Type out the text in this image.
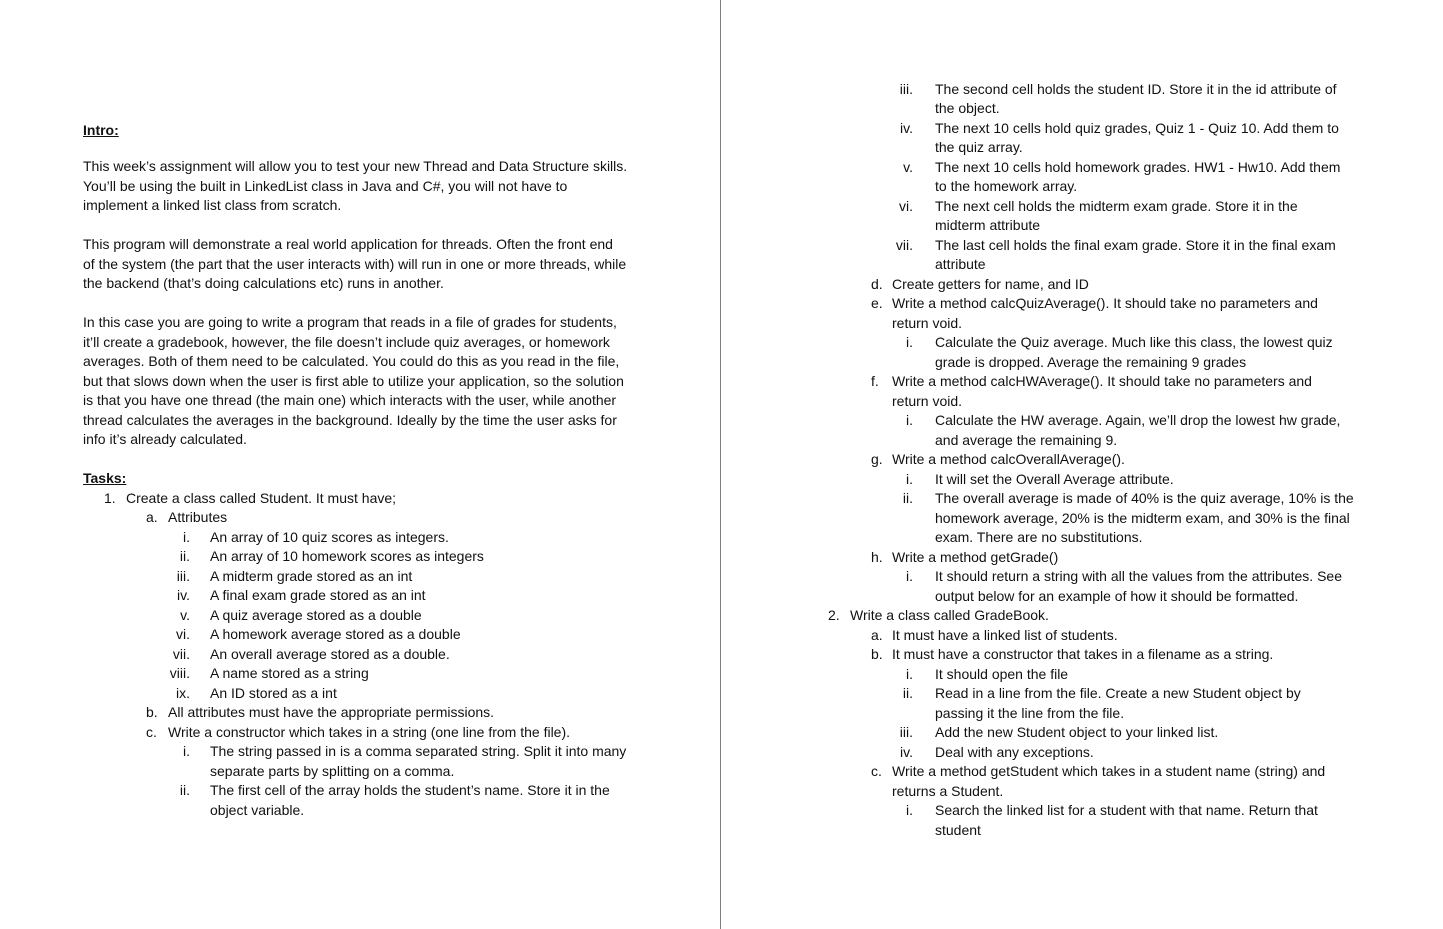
Intro:
This week’s assignment will allow you to test your new Thread and Data Structure skills.
You’ll be using the built in LinkedList class in Java and C#, you will not have to
implement a linked list class from scratch.
This program will demonstrate a real world application for threads. Often the front end
of the system (the part that the user interacts with) will run in one or more threads, while
the backend (that’s doing calculations etc) runs in another.
In this case you are going to write a program that reads in a file of grades for students,
it’ll create a gradebook, however, the file doesn’t include quiz averages, or homework
averages. Both of them need to be calculated. You could do this as you read in the file,
but that slows down when the user is first able to utilize your application, so the solution
is that you have one thread (the main one) which interacts with the user, while another
thread calculates the averages in the background. Ideally by the time the user asks for
info it’s already calculated.
Tasks:
1. Create a class called Student. It must have;
a. Attributes
i. An array of 10 quiz scores as integers.
ii. An array of 10 homework scores as integers
iii. A midterm grade stored as an int
iv. A final exam grade stored as an int
v. A quiz average stored as a double
vi. A homework average stored as a double
vii. An overall average stored as a double.
viii. A name stored as a string
ix. An ID stored as a int
b. All attributes must have the appropriate permissions.
c. Write a constructor which takes in a string (one line from the file).
i. The string passed in is a comma separated string. Split it into many
separate parts by splitting on a comma.
ii. The first cell of the array holds the student’s name. Store it in the
object variable.
iii. The second cell holds the student ID. Store it in the id attribute of
the object.
iv. The next 10 cells hold quiz grades, Quiz 1 - Quiz 10. Add them to
the quiz array.
v. The next 10 cells hold homework grades. HW1 - Hw10. Add them
to the homework array.
vi. The next cell holds the midterm exam grade. Store it in the
midterm attribute
vii. The last cell holds the final exam grade. Store it in the final exam
attribute
d. Create getters for name, and ID
e. Write a method calcQuizAverage(). It should take no parameters and
return void.
i. Calculate the Quiz average. Much like this class, the lowest quiz
grade is dropped. Average the remaining 9 grades
f. Write a method calcHWAverage(). It should take no parameters and
return void.
i. Calculate the HW average. Again, we’ll drop the lowest hw grade,
and average the remaining 9.
g. Write a method calcOverallAverage().
i. It will set the Overall Average attribute.
ii. The overall average is made of 40% is the quiz average, 10% is the
homework average, 20% is the midterm exam, and 30% is the final
exam. There are no substitutions.
h. Write a method getGrade()
i. It should return a string with all the values from the attributes. See
output below for an example of how it should be formatted.
2. Write a class called GradeBook.
a. It must have a linked list of students.
b. It must have a constructor that takes in a filename as a string.
i. It should open the file
ii. Read in a line from the file. Create a new Student object by
passing it the line from the file.
iii. Add the new Student object to your linked list.
iv. Deal with any exceptions.
c. Write a method getStudent which takes in a student name (string) and
returns a Student.
i. Search the linked list for a student with that name. Return that
student
